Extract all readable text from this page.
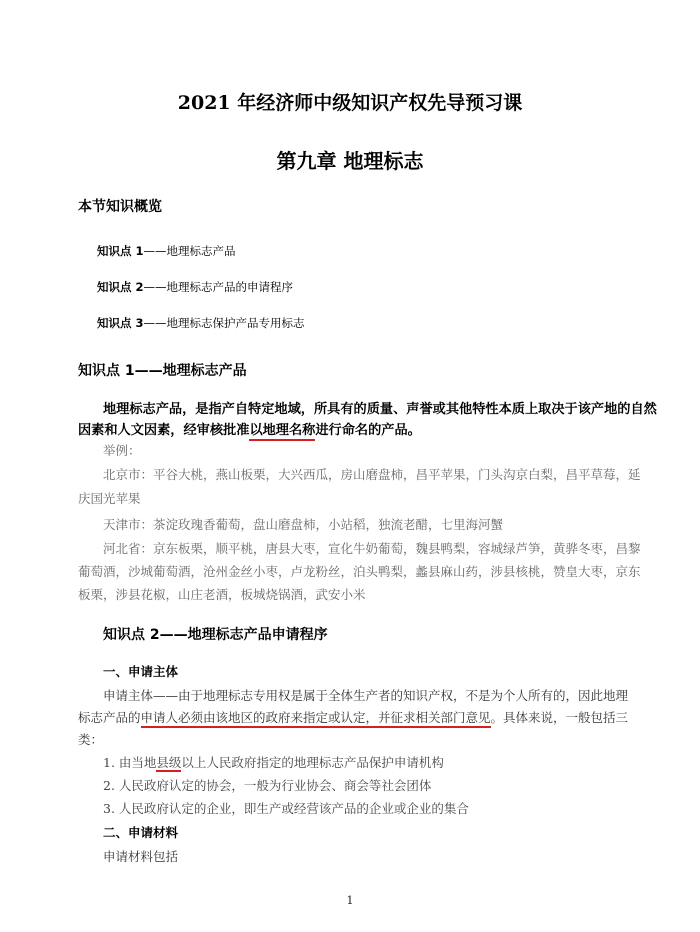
2021 年经济师中级知识产权先导预习课
第九章 地理标志
本节知识概览
知识点 1——地理标志产品
知识点 2——地理标志产品的申请程序
知识点 3——地理标志保护产品专用标志
知识点 1——地理标志产品
地理标志产品，是指产自特定地域，所具有的质量、声誉或其他特性本质上取决于该产地的自然
因素和人文因素，经审核批准以地理名称进行命名的产品。
举例：
北京市：平谷大桃，燕山板栗，大兴西瓜，房山磨盘柿，昌平苹果，门头沟京白梨，昌平草莓，延
庆国光苹果
天津市：茶淀玫瑰香葡萄，盘山磨盘柿，小站稻，独流老醋，七里海河蟹
河北省：京东板栗，顺平桃，唐县大枣，宣化牛奶葡萄，魏县鸭梨，容城绿芦笋，黄骅冬枣，昌黎
葡萄酒，沙城葡萄酒，沧州金丝小枣，卢龙粉丝，泊头鸭梨，蠡县麻山药，涉县核桃，赞皇大枣，京东
板栗，涉县花椒，山庄老酒，板城烧锅酒，武安小米
知识点 2——地理标志产品申请程序
一、申请主体
申请主体——由于地理标志专用权是属于全体生产者的知识产权，不是为个人所有的，因此地理
标志产品的申请人必须由该地区的政府来指定或认定，并征求相关部门意见。具体来说，一般包括三
类：
1. 由当地县级以上人民政府指定的地理标志产品保护申请机构
2. 人民政府认定的协会，一般为行业协会、商会等社会团体
3. 人民政府认定的企业，即生产或经营该产品的企业或企业的集合
二、申请材料
申请材料包括
1
